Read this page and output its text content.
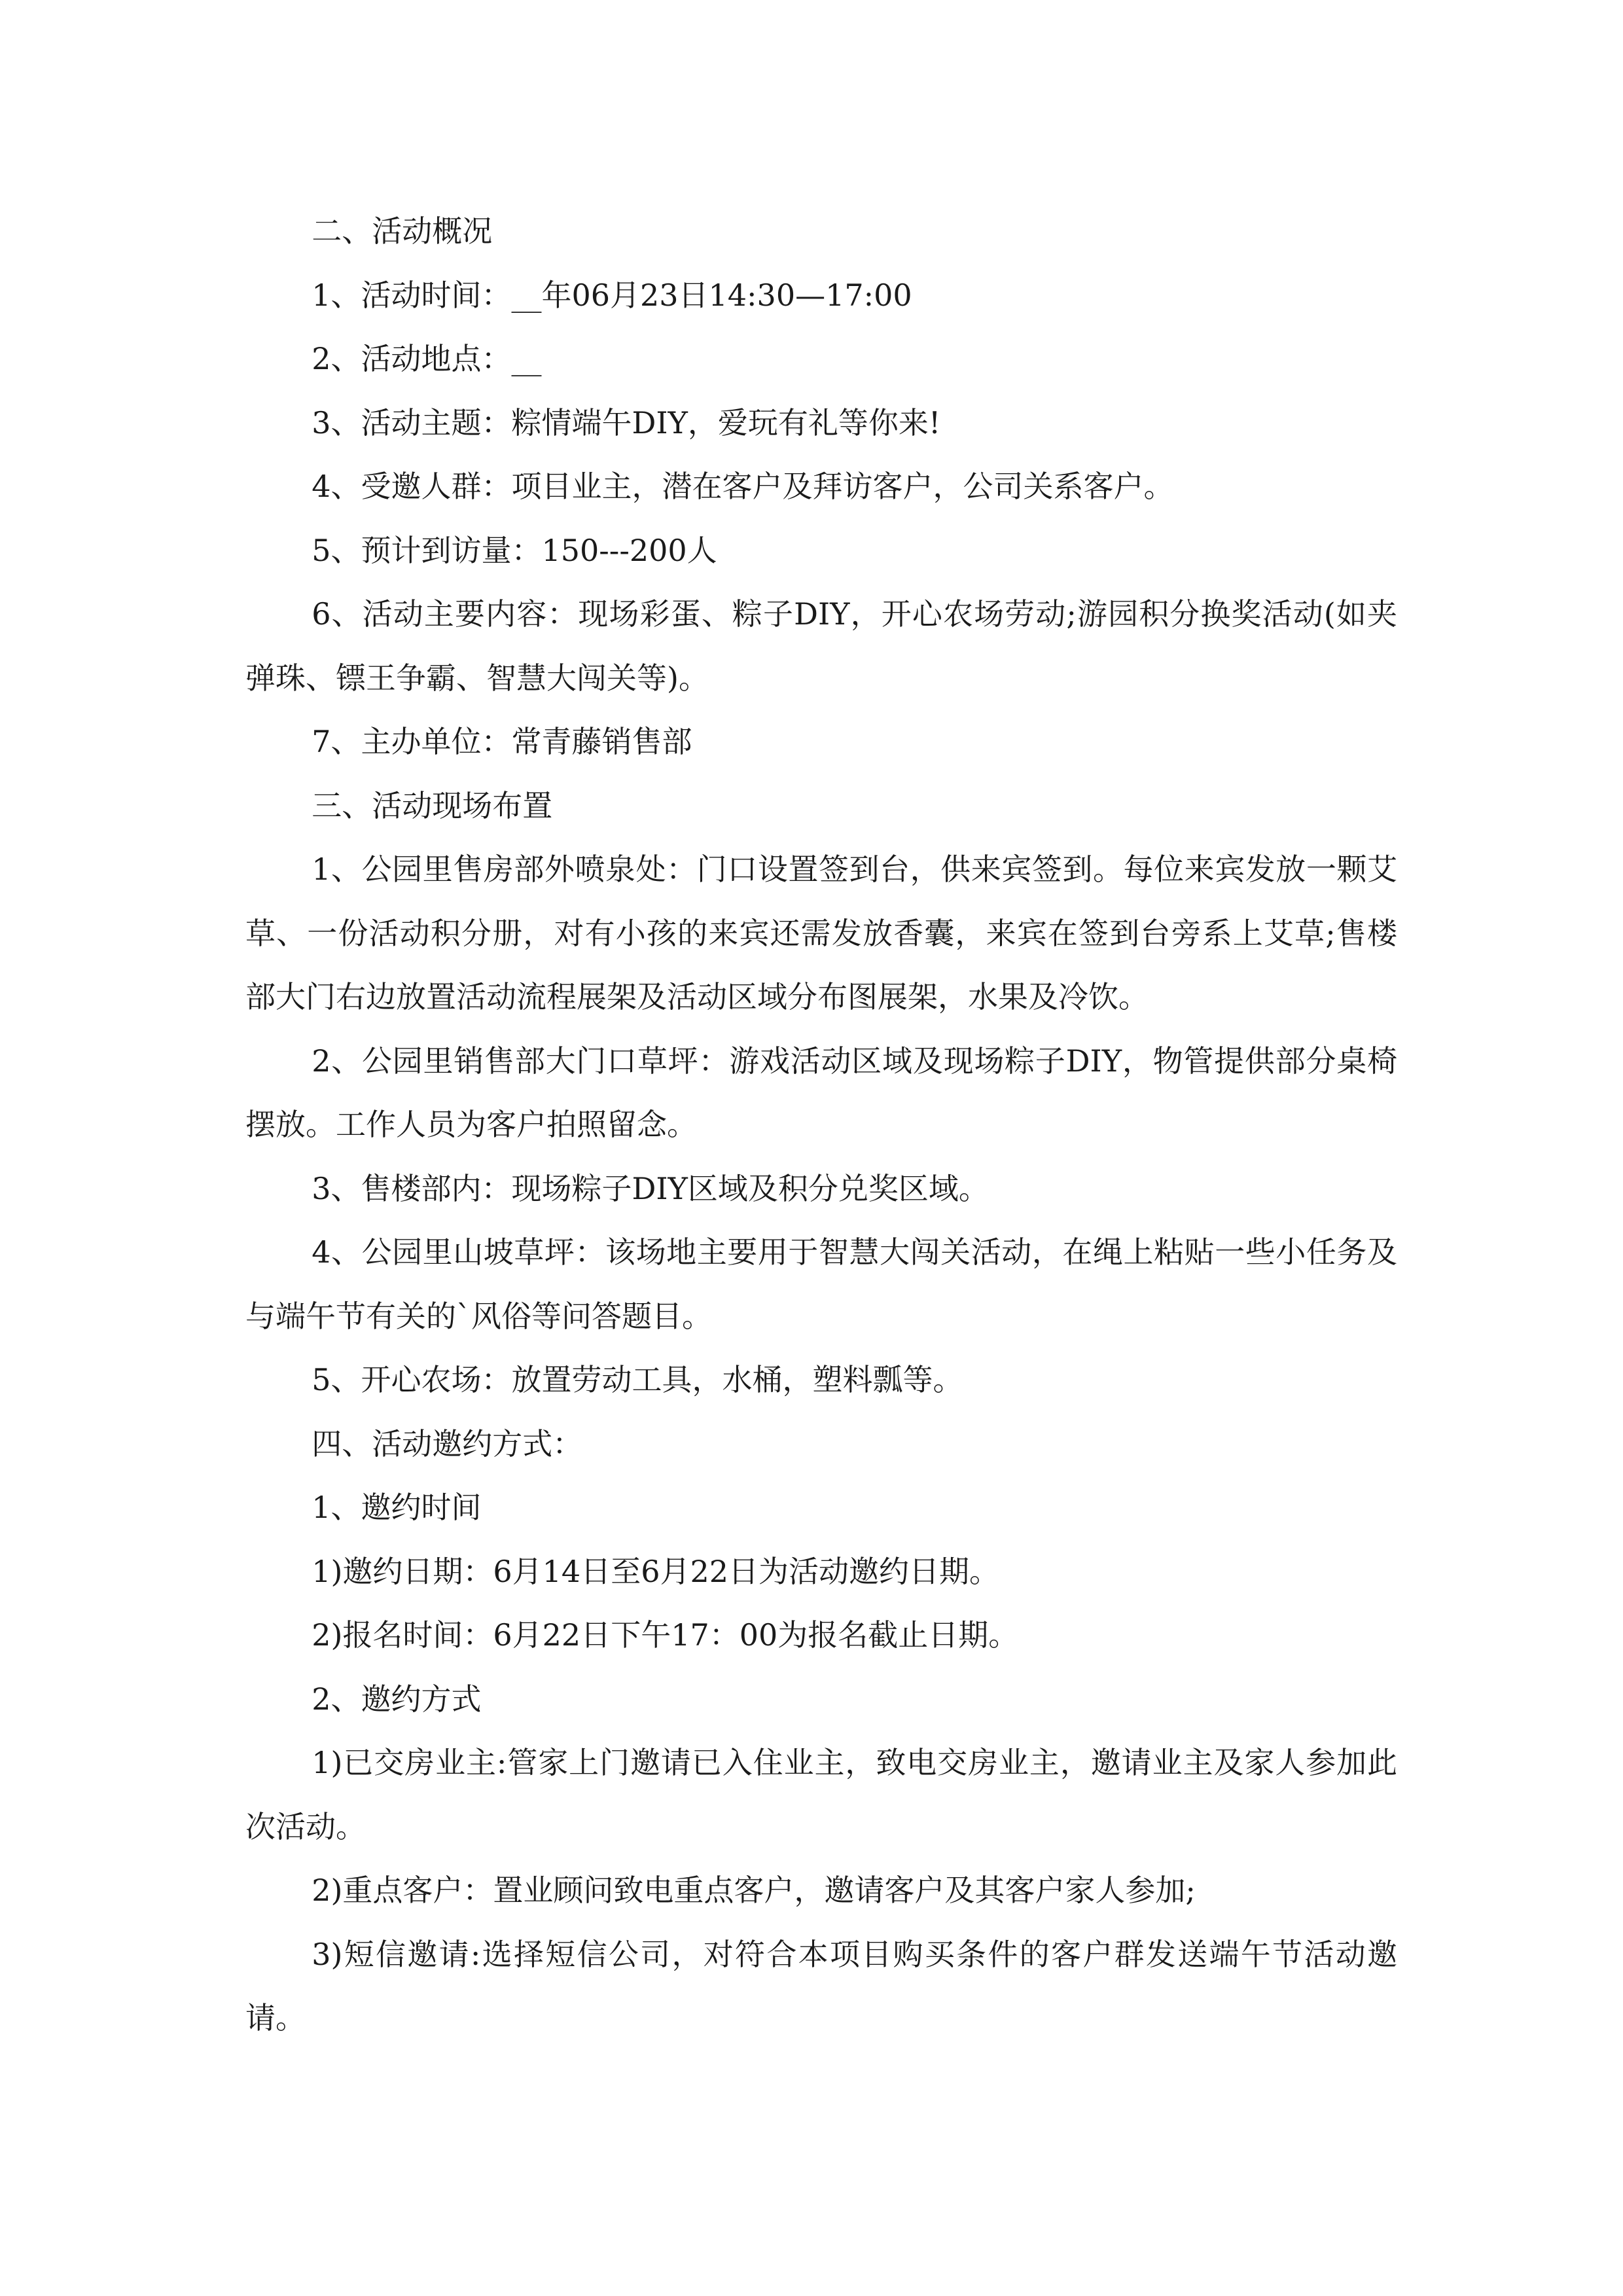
二、活动概况

1、活动时间：__年06月23日14:30—17:00

2、活动地点：__

3、活动主题：粽情端午DIY，爱玩有礼等你来!

4、受邀人群：项目业主，潜在客户及拜访客户，公司关系客户。

5、预计到访量：150---200人

6、活动主要内容：现场彩蛋、粽子DIY，开心农场劳动;游园积分换奖活动(如夹弹珠、镖王争霸、智慧大闯关等)。

7、主办单位：常青藤销售部

三、活动现场布置

1、公园里售房部外喷泉处：门口设置签到台，供来宾签到。每位来宾发放一颗艾草、一份活动积分册，对有小孩的来宾还需发放香囊，来宾在签到台旁系上艾草;售楼部大门右边放置活动流程展架及活动区域分布图展架，水果及冷饮。

2、公园里销售部大门口草坪：游戏活动区域及现场粽子DIY，物管提供部分桌椅摆放。工作人员为客户拍照留念。

3、售楼部内：现场粽子DIY区域及积分兑奖区域。

4、公园里山坡草坪：该场地主要用于智慧大闯关活动，在绳上粘贴一些小任务及与端午节有关的`风俗等问答题目。

5、开心农场：放置劳动工具，水桶，塑料瓢等。

四、活动邀约方式：

1、邀约时间

1)邀约日期：6月14日至6月22日为活动邀约日期。

2)报名时间：6月22日下午17：00为报名截止日期。

2、邀约方式

1)已交房业主:管家上门邀请已入住业主，致电交房业主，邀请业主及家人参加此次活动。

2)重点客户：置业顾问致电重点客户，邀请客户及其客户家人参加;

3)短信邀请:选择短信公司，对符合本项目购买条件的客户群发送端午节活动邀请。
